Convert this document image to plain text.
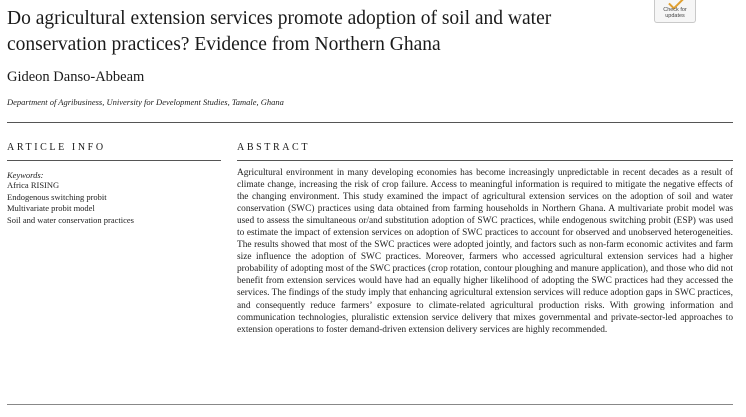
Do agricultural extension services promote adoption of soil and water conservation practices? Evidence from Northern Ghana
Check for
updates

Gideon Danso-Abbeam

Department of Agribusiness, University for Development Studies, Tamale, Ghana
ARTICLE INFO	ABSTRACT
Keywords:
Africa RISING
Endogenous switching probit
Multivariate probit model
Soil and water conservation practices

Agricultural environment in many developing economies has become increasingly unpredictable in recent decades as a result of climate change, increasing the risk of crop failure. Access to meaningful information is required to mitigate the negative effects of the changing environment. This study examined the impact of agricultural extension services on the adoption of soil and water conservation (SWC) practices using data obtained from farming households in Northern Ghana. A multivariate probit model was used to assess the simultaneous or/and substitution adoption of SWC practices, while endogenous switching probit (ESP) was used to estimate the impact of extension services on adoption of SWC practices to account for observed and unobserved heterogeneities. The results showed that most of the SWC practices were adopted jointly, and factors such as non-farm economic activites and farm size influence the adoption of SWC practices. Moreover, farmers who accessed agricultural extension services had a higher probability of adopting most of the SWC practices (crop rotation, contour ploughing and manure application), and those who did not benefit from extension services would have had an equally higher likelihood of adopting the SWC practices had they accessed the services. The findings of the study imply that enhancing agricultural extension services will reduce adoption gaps in SWC practices, and consequently reduce farmers’ exposure to climate-related agricultural production risks. With growing information and communication technologies, pluralistic extension service delivery that mixes governmental and private-sector-led approaches to extension operations to foster demand-driven extension delivery services are highly recommended.
